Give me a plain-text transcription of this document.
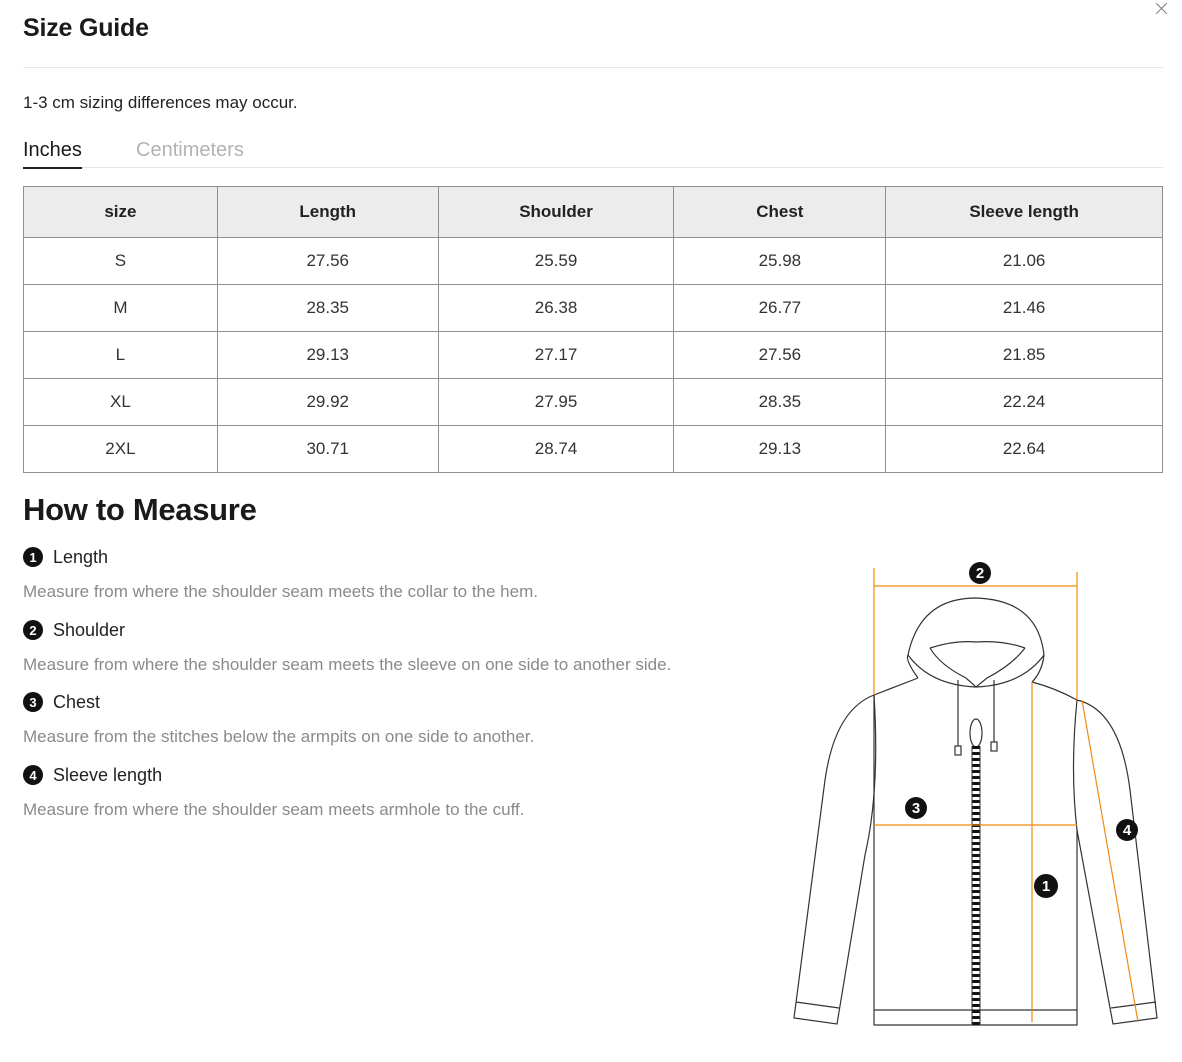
Size Guide
1-3 cm sizing differences may occur.
Inches	Centimeters
size	Length	Shoulder	Chest	Sleeve length
S	27.56	25.59	25.98	21.06
M	28.35	26.38	26.77	21.46
L	29.13	27.17	27.56	21.85
XL	29.92	27.95	28.35	22.24
2XL	30.71	28.74	29.13	22.64
How to Measure
1 Length
Measure from where the shoulder seam meets the collar to the hem.
2 Shoulder
Measure from where the shoulder seam meets the sleeve on one side to another side.
3 Chest
Measure from the stitches below the armpits on one side to another.
4 Sleeve length
Measure from where the shoulder seam meets armhole to the cuff.
2
3
4
1
